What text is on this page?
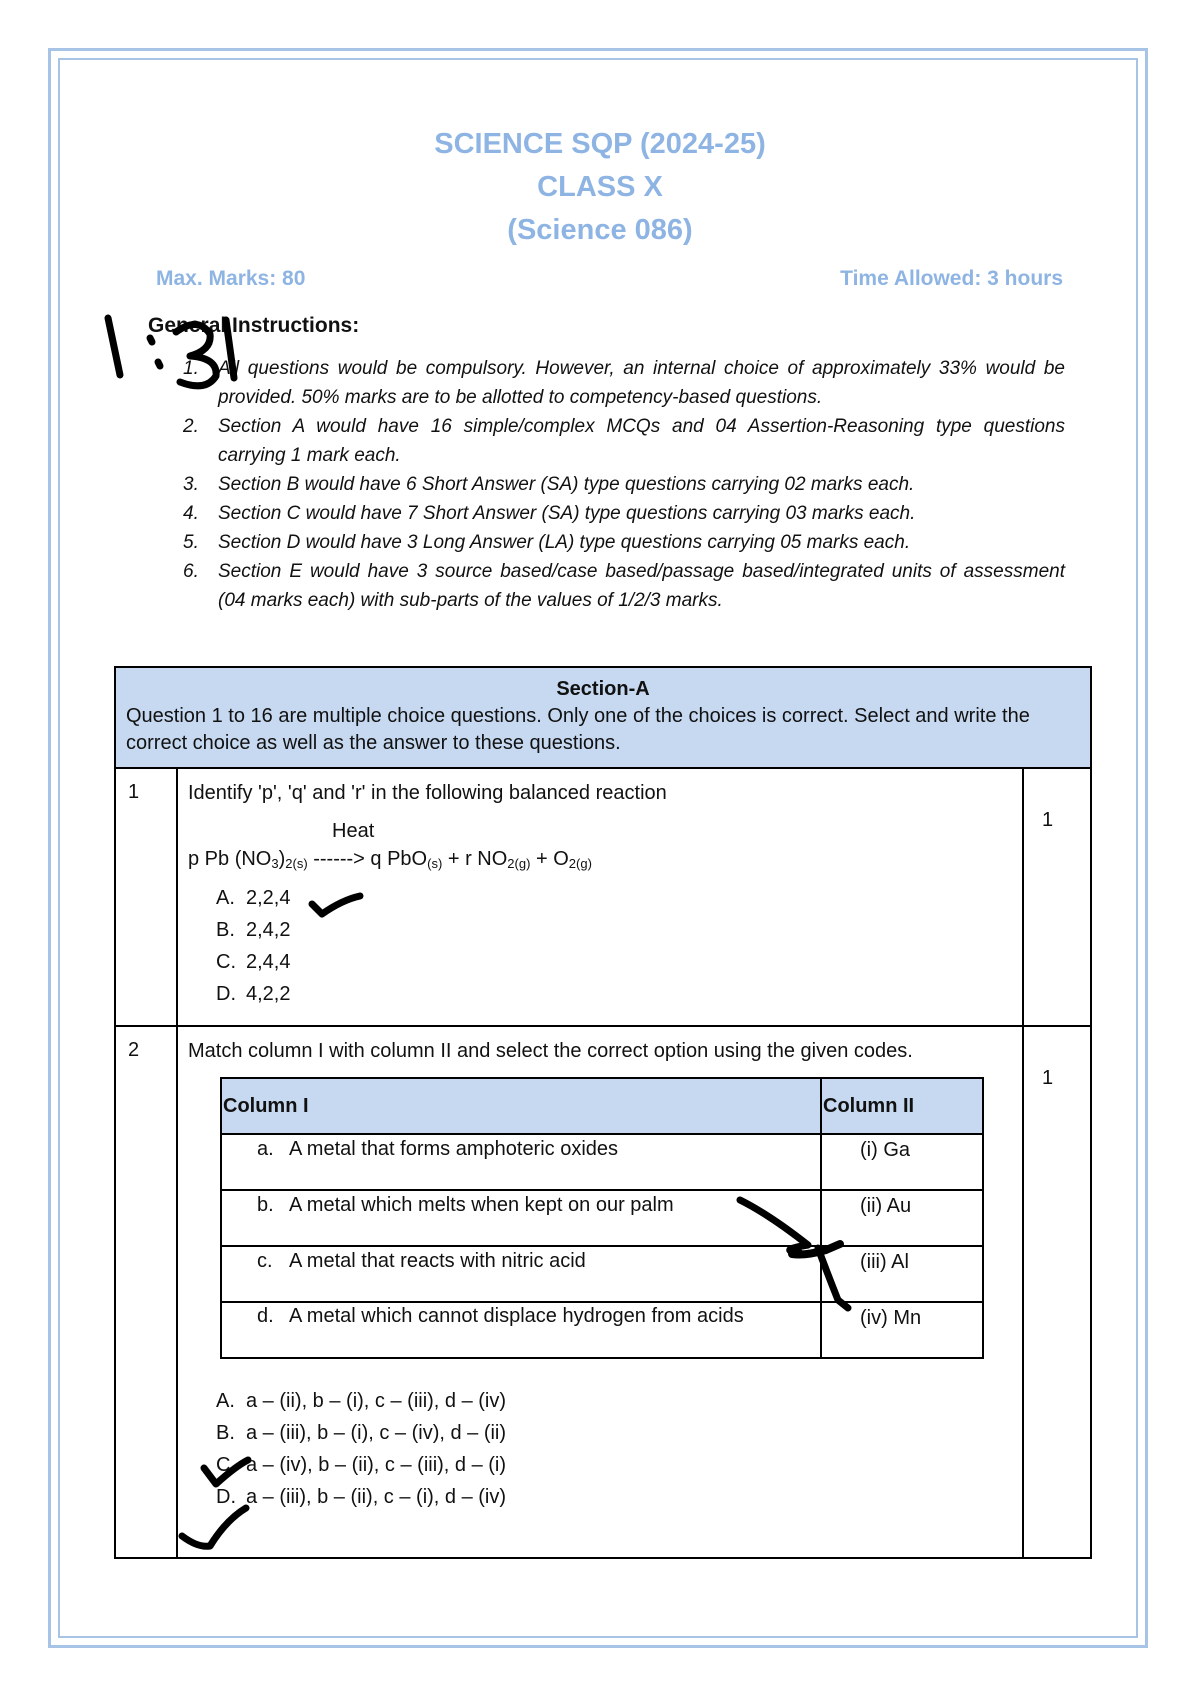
SCIENCE SQP (2024-25)
CLASS X
(Science 086)
Max. Marks: 80	Time Allowed: 3 hours
General Instructions:
1. All questions would be compulsory. However, an internal choice of approximately 33% would be provided. 50% marks are to be allotted to competency-based questions.
2. Section A would have 16 simple/complex MCQs and 04 Assertion-Reasoning type questions carrying 1 mark each.
3. Section B would have 6 Short Answer (SA) type questions carrying 02 marks each.
4. Section C would have 7 Short Answer (SA) type questions carrying 03 marks each.
5. Section D would have 3 Long Answer (LA) type questions carrying 05 marks each.
6. Section E would have 3 source based/case based/passage based/integrated units of assessment (04 marks each) with sub-parts of the values of 1/2/3 marks.
Section-A
Question 1 to 16 are multiple choice questions. Only one of the choices is correct. Select and write the correct choice as well as the answer to these questions.

1	Identify 'p', 'q' and 'r' in the following balanced reaction
Heat
p Pb $(NO_3)_{2(s)}$ ------> q PbO$_{(s)}$ + r $NO_{2(g)} + O_{2(g)}$
A. 2,2,4
B. 2,4,2
C. 2,4,4
D. 4,2,2
	1
2	Match column I with column II and select the correct option using the given codes.
Column I	Column II
a. A metal that forms amphoteric oxides	(i) Ga
b. A metal which melts when kept on our palm	(ii) Au
c. A metal that reacts with nitric acid	(iii) Al
d. A metal which cannot displace hydrogen from acids	(iv) Mn
A. a – (ii), b – (i), c – (iii), d – (iv)
B. a – (iii), b – (i), c – (iv), d – (ii)
C. a – (iv), b – (ii), c – (iii), d – (i)
D. a – (iii), b – (ii), c – (i), d – (iv)
	1
